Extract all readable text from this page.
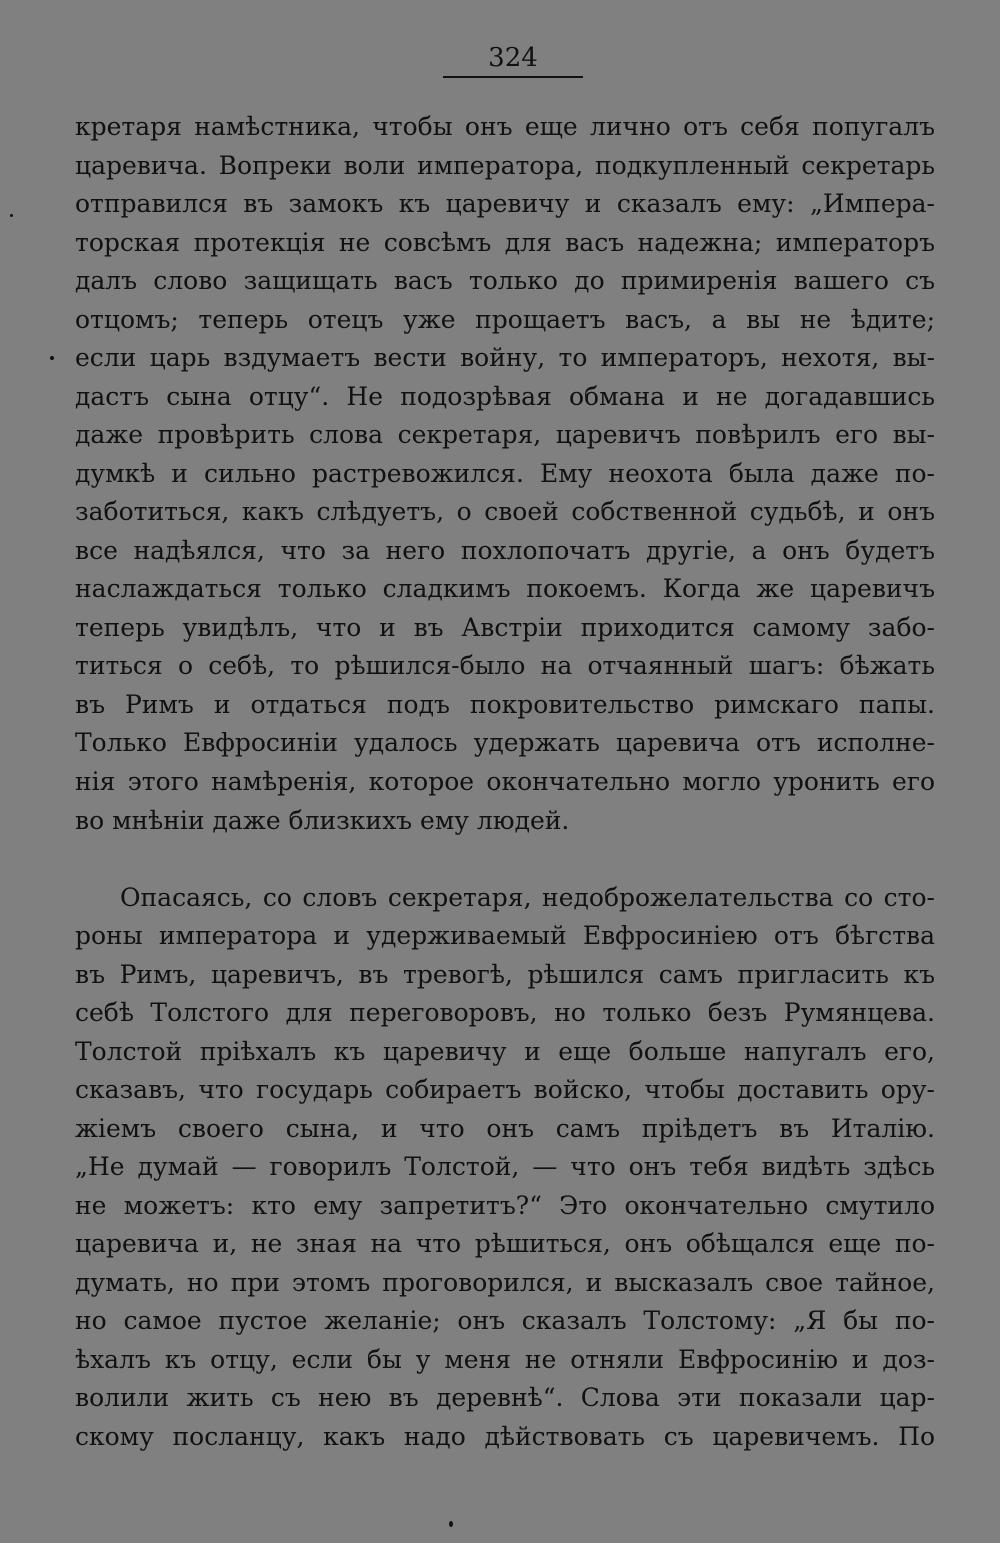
324
кретаря намѣстника, чтобы онъ еще лично отъ себя попугалъ
царевича. Вопреки воли императора, подкупленный секретарь
отправился въ замокъ къ царевичу и сказалъ ему: „Импера-
торская протекція не совсѣмъ для васъ надежна; императоръ
далъ слово защищать васъ только до примиренія вашего съ
отцомъ; теперь отецъ уже прощаетъ васъ, а вы не ѣдите;
если царь вздумаетъ вести войну, то императоръ, нехотя, вы-
дастъ сына отцу“. Не подозрѣвая обмана и не догадавшись
даже провѣрить слова секретаря, царевичъ повѣрилъ его вы-
думкѣ и сильно растревожился. Ему неохота была даже по-
заботиться, какъ слѣдуетъ, о своей собственной судьбѣ, и онъ
все надѣялся, что за него похлопочатъ другіе, а онъ будетъ
наслаждаться только сладкимъ покоемъ. Когда же царевичъ
теперь увидѣлъ, что и въ Австріи приходится самому забо-
титься о себѣ, то рѣшился-было на отчаянный шагъ: бѣжать
въ Римъ и отдаться подъ покровительство римскаго папы.
Только Евфросиніи удалось удержать царевича отъ исполне-
нія этого намѣренія, которое окончательно могло уронить его
во мнѣніи даже близкихъ ему людей.
Опасаясь, со словъ секретаря, недоброжелательства со сто-
роны императора и удерживаемый Евфросиніею отъ бѣгства
въ Римъ, царевичъ, въ тревогѣ, рѣшился самъ пригласить къ
себѣ Толстого для переговоровъ, но только безъ Румянцева.
Толстой пріѣхалъ къ царевичу и еще больше напугалъ его,
сказавъ, что государь собираетъ войско, чтобы доставить ору-
жіемъ своего сына, и что онъ самъ пріѣдетъ въ Италію.
„Не думай — говорилъ Толстой, — что онъ тебя видѣть здѣсь
не можетъ: кто ему запретитъ?“ Это окончательно смутило
царевича и, не зная на что рѣшиться, онъ обѣщался еще по-
думать, но при этомъ проговорился, и высказалъ свое тайное,
но самое пустое желаніе; онъ сказалъ Толстому: „Я бы по-
ѣхалъ къ отцу, если бы у меня не отняли Евфросинію и доз-
волили жить съ нею въ деревнѣ“. Слова эти показали цар-
скому посланцу, какъ надо дѣйствовать съ царевичемъ. По
